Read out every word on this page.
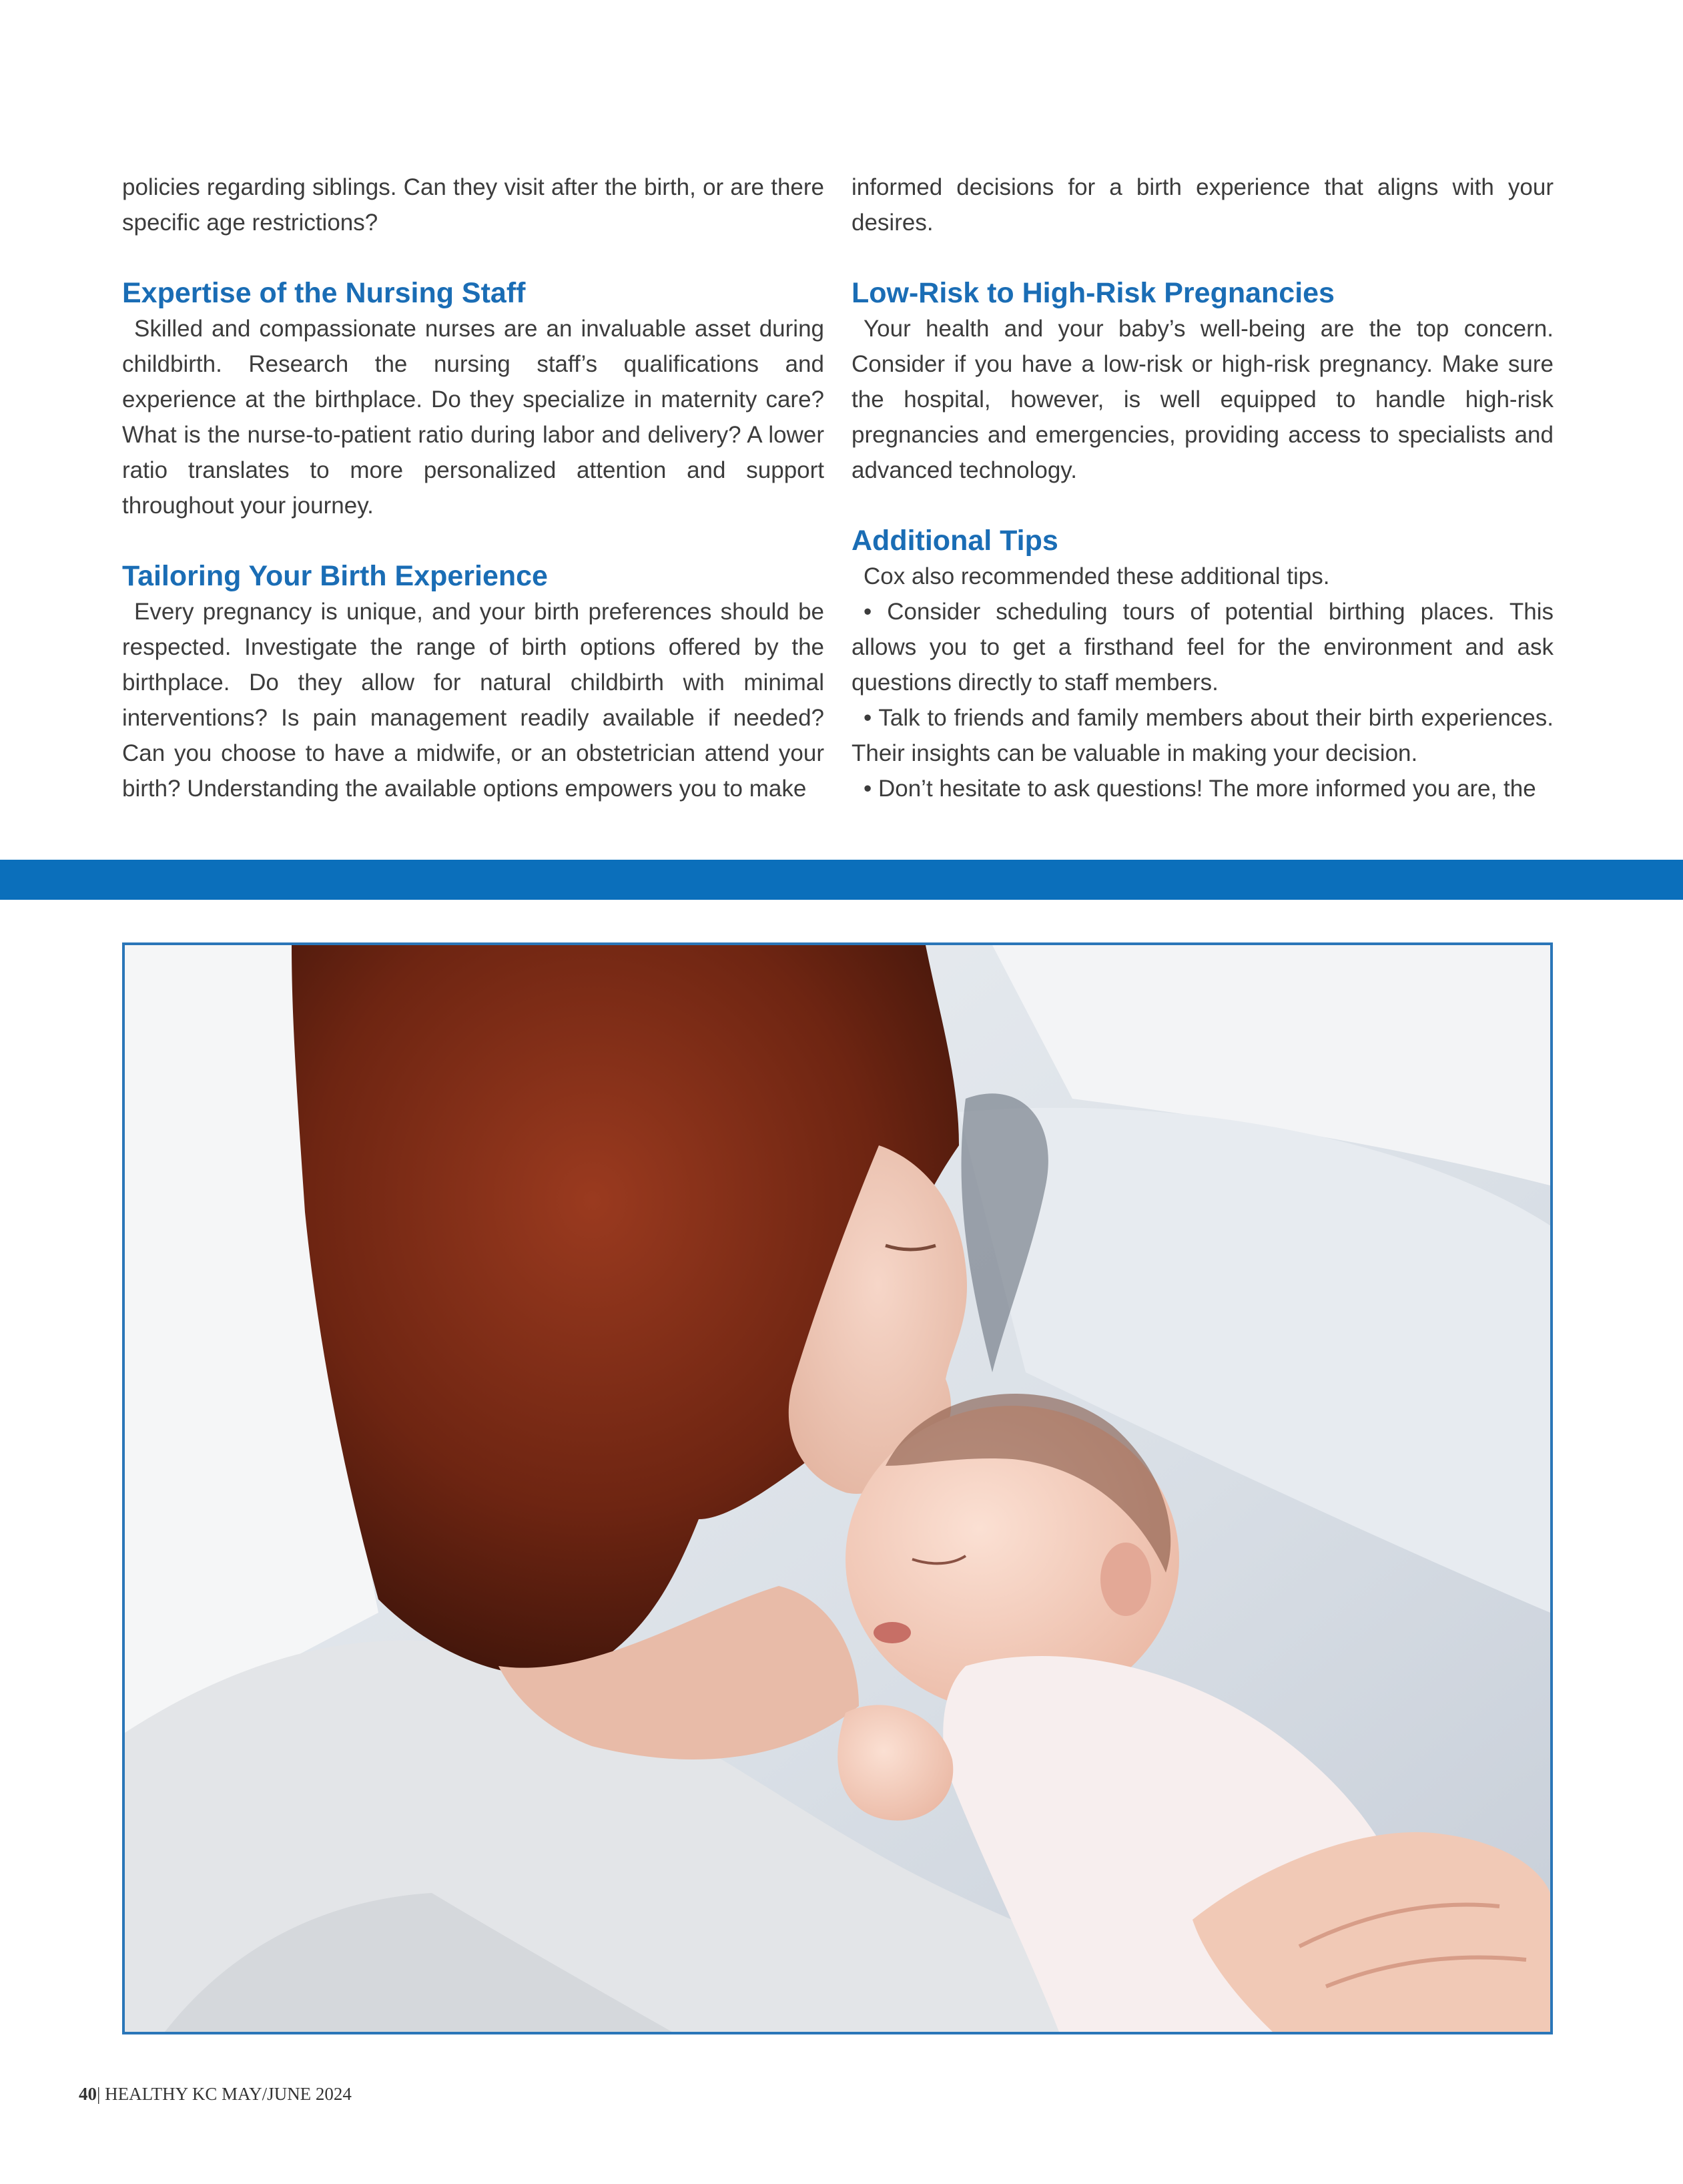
policies regarding siblings. Can they visit after the birth, or are there specific age restrictions?

Expertise of the Nursing Staff

Skilled and compassionate nurses are an invaluable asset during childbirth. Research the nursing staff’s qualifications and experience at the birthplace. Do they specialize in maternity care? What is the nurse-to-patient ratio during labor and delivery? A lower ratio translates to more personalized attention and support throughout your journey.

Tailoring Your Birth Experience

Every pregnancy is unique, and your birth preferences should be respected. Investigate the range of birth options offered by the birthplace. Do they allow for natural childbirth with minimal interventions? Is pain management readily available if needed? Can you choose to have a midwife, or an obstetrician attend your birth? Understanding the available options empowers you to make

informed decisions for a birth experience that aligns with your desires.

Low-Risk to High-Risk Pregnancies

Your health and your baby’s well-being are the top concern. Consider if you have a low-risk or high-risk pregnancy. Make sure the hospital, however, is well equipped to handle high-risk pregnancies and emergencies, providing access to specialists and advanced technology.

Additional Tips

Cox also recommended these additional tips.

• Consider scheduling tours of potential birthing places. This allows you to get a firsthand feel for the environment and ask questions directly to staff members.

• Talk to friends and family members about their birth experiences. Their insights can be valuable in making your decision.

• Don’t hesitate to ask questions! The more informed you are, the

40| HEALTHY KC MAY/JUNE 2024
